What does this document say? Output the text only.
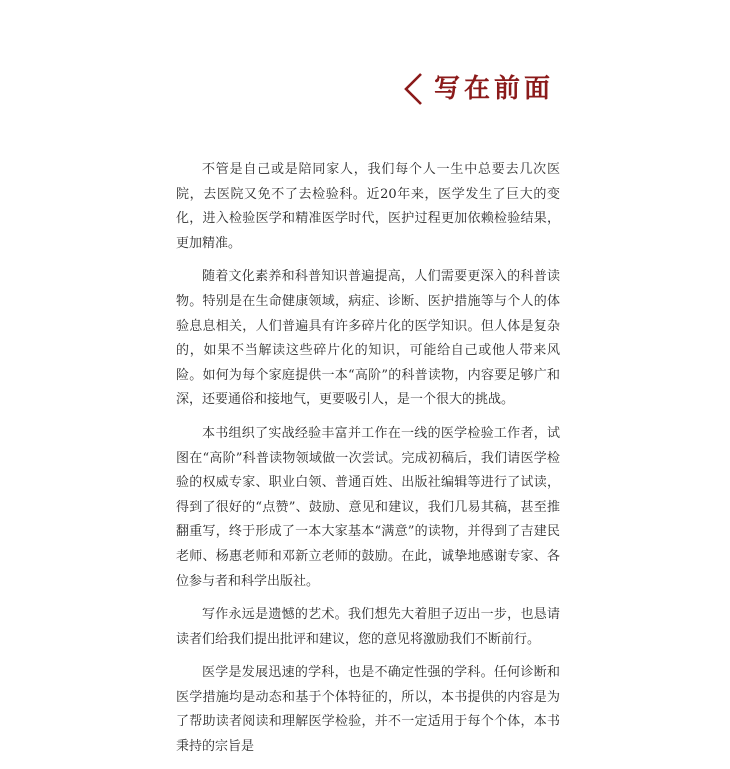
写在前面

不管是自己或是陪同家人，我们每个人一生中总要去几次医院，去医院又免不了去检验科。近20年来，医学发生了巨大的变化，进入检验医学和精准医学时代，医护过程更加依赖检验结果，更加精准。

随着文化素养和科普知识普遍提高，人们需要更深入的科普读物。特别是在生命健康领域，病症、诊断、医护措施等与个人的体验息息相关，人们普遍具有许多碎片化的医学知识。但人体是复杂的，如果不当解读这些碎片化的知识，可能给自己或他人带来风险。如何为每个家庭提供一本“高阶”的科普读物，内容要足够广和深，还要通俗和接地气，更要吸引人，是一个很大的挑战。

本书组织了实战经验丰富并工作在一线的医学检验工作者，试图在“高阶”科普读物领域做一次尝试。完成初稿后，我们请医学检验的权威专家、职业白领、普通百姓、出版社编辑等进行了试读，得到了很好的“点赞”、鼓励、意见和建议，我们几易其稿，甚至推翻重写，终于形成了一本大家基本“满意”的读物，并得到了吉建民老师、杨惠老师和邓新立老师的鼓励。在此，诚挚地感谢专家、各位参与者和科学出版社。

写作永远是遗憾的艺术。我们想先大着胆子迈出一步，也恳请读者们给我们提出批评和建议，您的意见将激励我们不断前行。

医学是发展迅速的学科，也是不确定性强的学科。任何诊断和医学措施均是动态和基于个体特征的，所以，本书提供的内容是为了帮助读者阅读和理解医学检验，并不一定适用于每个个体，本书秉持的宗旨是
